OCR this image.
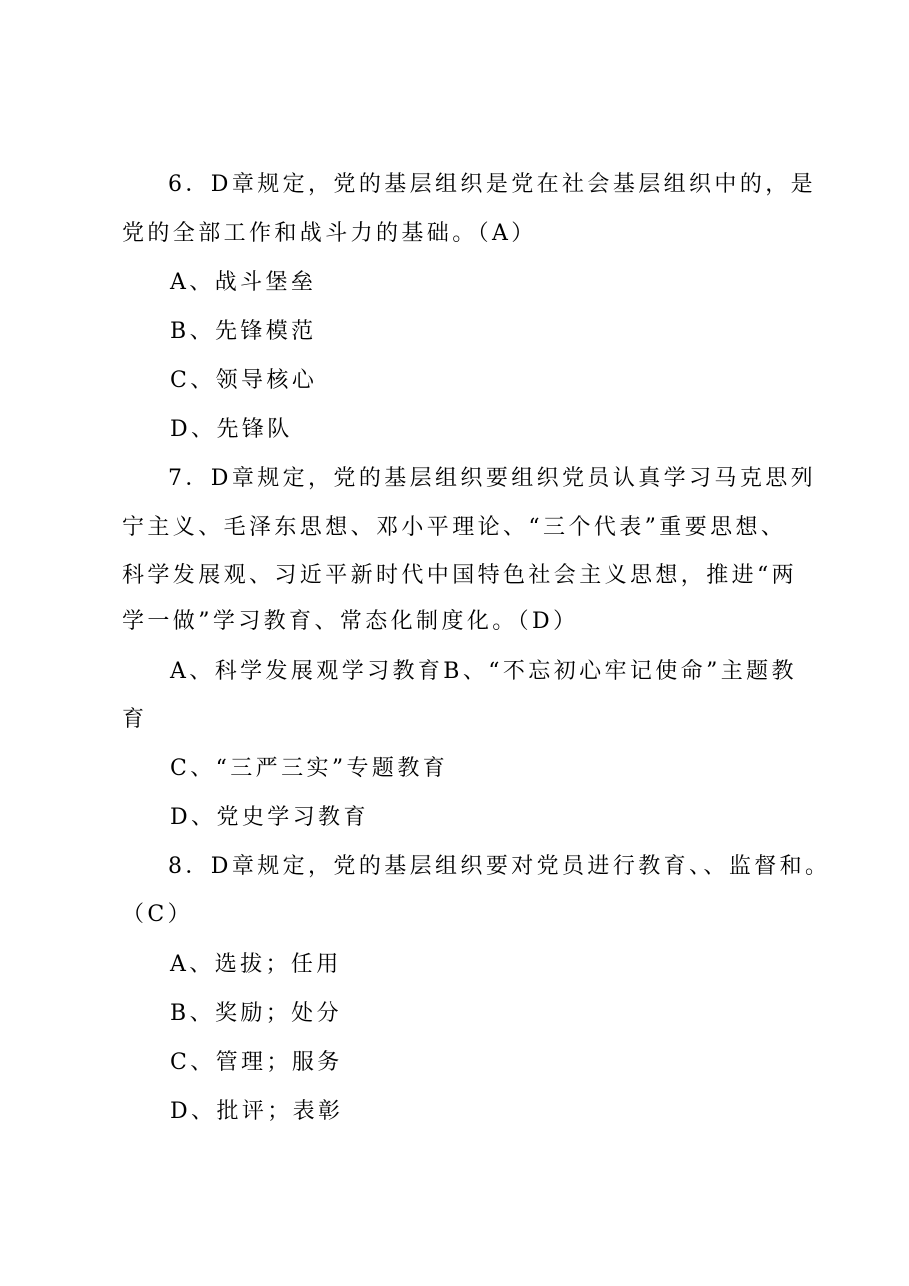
6．D章规定，党的基层组织是党在社会基层组织中的，是
党的全部工作和战斗力的基础。（A）
A、战斗堡垒
B、先锋模范
C、领导核心
D、先锋队
7．D章规定，党的基层组织要组织党员认真学习马克思列
宁主义、毛泽东思想、邓小平理论、“三个代表”重要思想、
科学发展观、习近平新时代中国特色社会主义思想，推进“两
学一做”学习教育、常态化制度化。（D）
A、科学发展观学习教育B、“不忘初心牢记使命”主题教
育
C、“三严三实”专题教育
D、党史学习教育
8．D章规定，党的基层组织要对党员进行教育、、监督和。
（C）
A、选拔；任用
B、奖励；处分
C、管理；服务
D、批评；表彰
